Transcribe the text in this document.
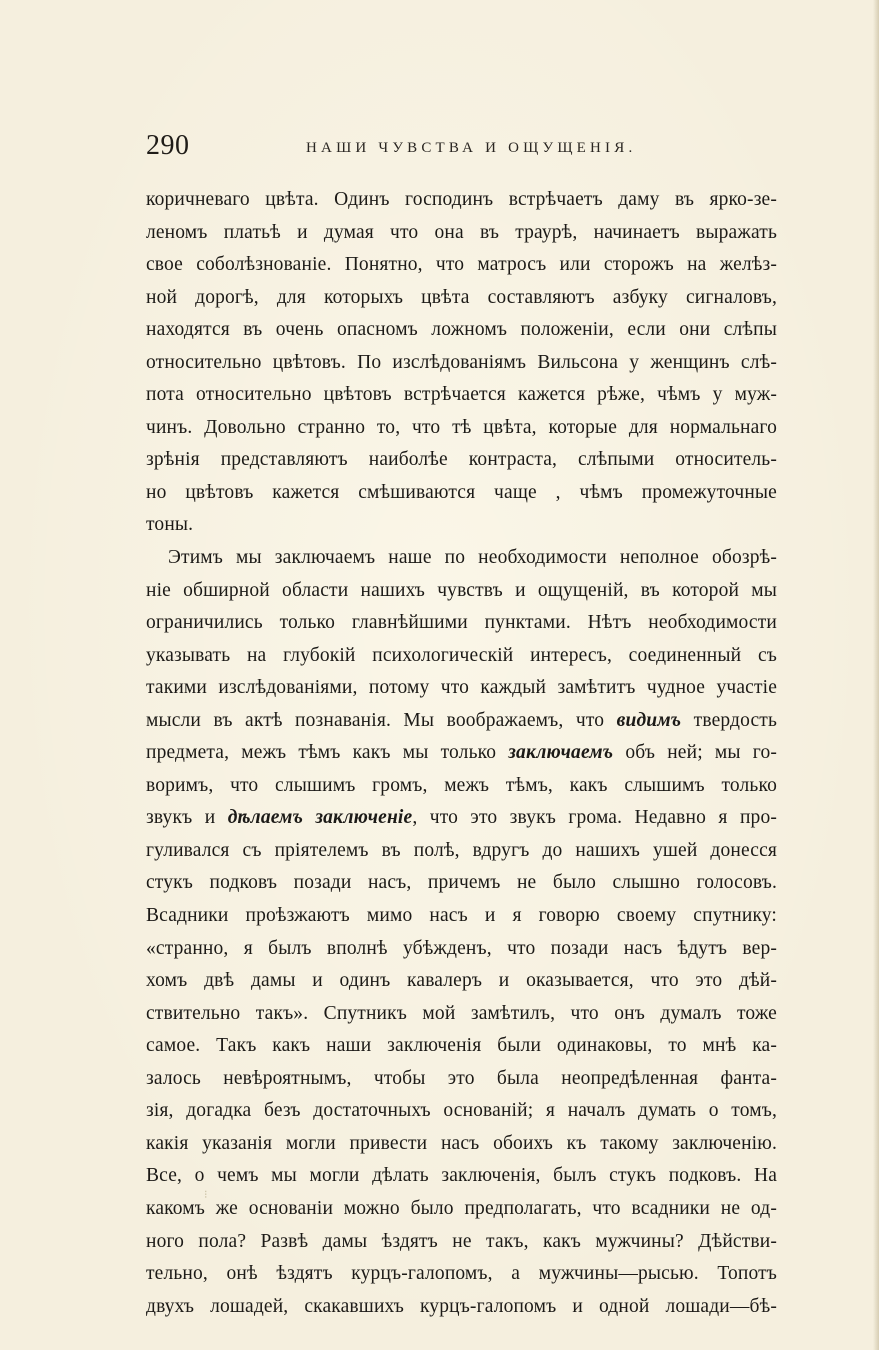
290	НАШИ ЧУВСТВА И ОЩУЩЕНІЯ.
коричневаго цвѣта. Одинъ господинъ встрѣчаетъ даму въ ярко-зе-
леномъ платьѣ и думая что она въ траурѣ, начинаетъ выражать
свое соболѣзнованіе. Понятно, что матросъ или сторожъ на желѣз-
ной дорогѣ, для которыхъ цвѣта составляютъ азбуку сигналовъ,
находятся въ очень опасномъ ложномъ положеніи, если они слѣпы
относительно цвѣтовъ. По изслѣдованіямъ Вильсона у женщинъ слѣ-
пота относительно цвѣтовъ встрѣчается кажется рѣже, чѣмъ у муж-
чинъ. Довольно странно то, что тѣ цвѣта, которые для нормальнаго
зрѣнія представляютъ наиболѣе контраста, слѣпыми относитель-
но цвѣтовъ кажется смѣшиваются чаще , чѣмъ промежуточные
тоны.
Этимъ мы заключаемъ наше по необходимости неполное обозрѣ-
ніе обширной области нашихъ чувствъ и ощущеній, въ которой мы
ограничились только главнѣйшими пунктами. Нѣтъ необходимости
указывать на глубокій психологическій интересъ, соединенный съ
такими изслѣдованіями, потому что каждый замѣтитъ чудное участіе
мысли въ актѣ познаванія. Мы воображаемъ, что видимъ твердость
предмета, межъ тѣмъ какъ мы только заключаемъ объ ней; мы го-
воримъ, что слышимъ громъ, межъ тѣмъ, какъ слышимъ только
звукъ и дѣлаемъ заключеніе, что это звукъ грома. Недавно я про-
гуливался съ пріятелемъ въ полѣ, вдругъ до нашихъ ушей донесся
стукъ подковъ позади насъ, причемъ не было слышно голосовъ.
Всадники проѣзжаютъ мимо насъ и я говорю своему спутнику:
«странно, я былъ вполнѣ убѣжденъ, что позади насъ ѣдутъ вер-
хомъ двѣ дамы и одинъ кавалеръ и оказывается, что это дѣй-
ствительно такъ». Спутникъ мой замѣтилъ, что онъ думалъ тоже
самое. Такъ какъ наши заключенія были одинаковы, то мнѣ ка-
залось невѣроятнымъ, чтобы это была неопредѣленная фанта-
зія, догадка безъ достаточныхъ основаній; я началъ думать о томъ,
какія указанія могли привести насъ обоихъ къ такому заключенію.
Все, о чемъ мы могли дѣлать заключенія, былъ стукъ подковъ. На
какомъ же основаніи можно было предполагать, что всадники не од-
ного пола? Развѣ дамы ѣздятъ не такъ, какъ мужчины? Дѣйстви-
тельно, онѣ ѣздятъ курцъ-галопомъ, а мужчины—рысью. Топотъ
двухъ лошадей, скакавшихъ курцъ-галопомъ и одной лошади—бѣ-
⁝
